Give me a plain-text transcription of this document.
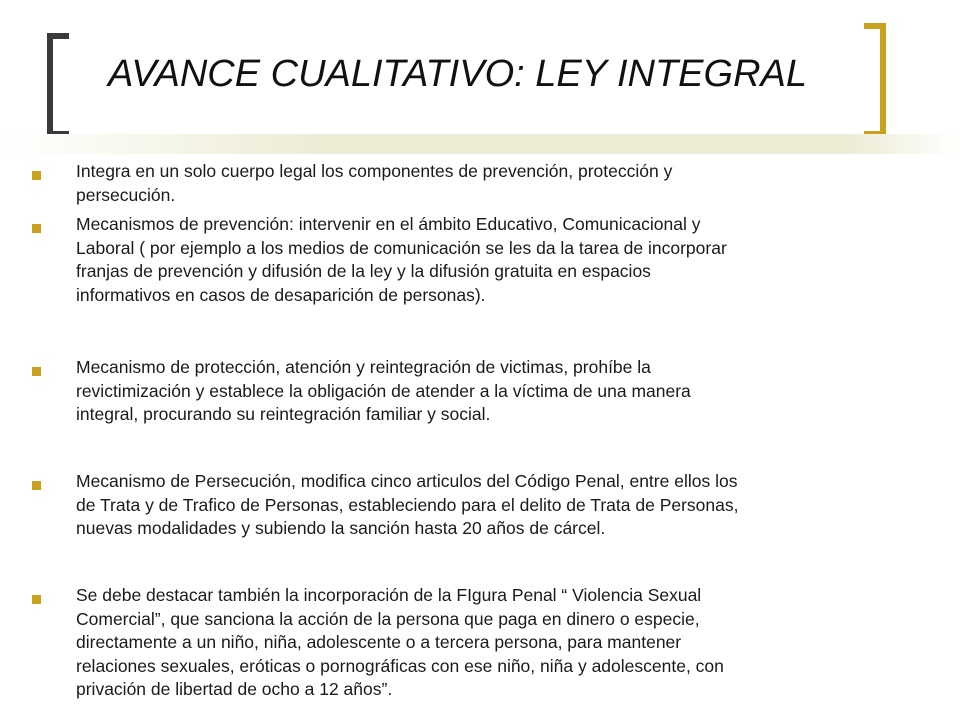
AVANCE CUALITATIVO: LEY INTEGRAL

Integra en un solo cuerpo legal los componentes de prevención, protección y
persecución.

Mecanismos de prevención: intervenir en el ámbito Educativo, Comunicacional y
Laboral ( por ejemplo a los medios de comunicación se les da la tarea de incorporar
franjas de prevención y difusión de la ley y la difusión gratuita en espacios
informativos en casos de desaparición de personas).

Mecanismo de protección, atención y reintegración de victimas, prohíbe la
revictimización y establece la obligación de atender a la víctima de una manera
integral, procurando su reintegración familiar y social.

Mecanismo de Persecución, modifica cinco articulos del Código Penal, entre ellos los
de Trata y de Trafico de Personas, estableciendo para el delito de Trata de Personas,
nuevas modalidades y subiendo la sanción hasta 20 años de cárcel.

Se debe destacar también la incorporación de la FIgura Penal “ Violencia Sexual
Comercial”, que sanciona la acción de la persona que paga en dinero o especie,
directamente a un niño, niña, adolescente o a tercera persona, para mantener
relaciones sexuales, eróticas o pornográficas con ese niño, niña y adolescente, con
privación de libertad de ocho a 12 años”.
